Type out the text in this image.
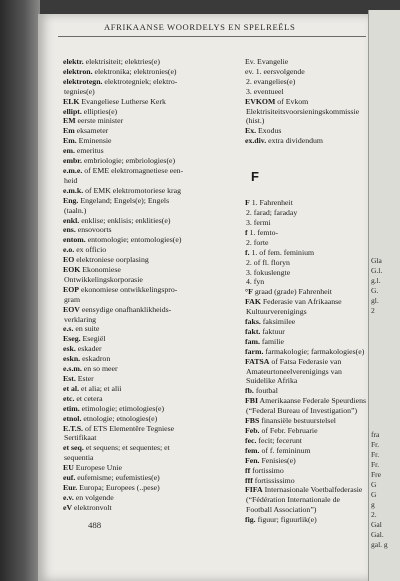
AFRIKAANSE WOORDELYS EN SPELREËLS
elektr. elektrisiteit; elektries(e)
elektron. elektronika; elektronies(e)
elektrotegn. elektrotegniek; elektro-
tegnies(e)
ELK Evangeliese Lutherse Kerk
ellipt. ellipties(e)
EM eerste minister
Em eksameter
Em. Eminensie
em. emeritus
embr. embriologie; embriologies(e)
e.m.e. of EME elektromagnetiese een-
heid
e.m.k. of EMK elektromotoriese krag
Eng. Engeland; Engels(e); Engels
(taaln.)
enkl. enklise; enklisis; enklities(e)
ens. ensovoorts
entom. entomologie; entomologies(e)
e.o. ex officio
EO elektroniese oorplasing
EOK Ekonomiese
Ontwikkelingskorporasie
EOP ekonomiese ontwikkelingsprо-
gram
EOV eensydige onafhanklikheids-
verklaring
e.s. en suite
Eseg. Esegiël
esk. eskader
eskn. eskadron
e.s.m. en so meer
Est. Ester
et al. et alia; et alii
etc. et cetera
etim. etimologie; etimologies(e)
etnol. etnologie; etnologies(e)
E.T.S. of ETS Elementêre Tegniese
Sertifikaat
et seq. et sequens; et sequentes; et
sequentia
EU Europese Unie
euf. eufemisme; eufemisties(e)
Eur. Europa; Europees (..pese)
e.v. en volgende
eV elektronvolt
Ev. Evangelie
ev. 1. eersvolgende
2. evangelies(e)
3. eventueel
EVKOM of Evkom
Elektrisiteitsvoorsieningskommissie
(hist.)
Ex. Exodus
ex.div. extra dividendum
F
F 1. Fahrenheit
2. farad; faraday
3. fermi
f 1. femto-
2. forte
f. 1. of fem. feminium
2. of fl. floryn
3. fokuslengte
4. fyn
°F graad (grade) Fahrenheit
FAK Federasie van Afrikaanse
Kultuurverenigings
faks. faksimilee
fakt. faktuur
fam. familie
farm. farmakologie; farmakologies(e)
FATSA of Fatsa Federasie van
Amateurtoneelverenigings van
Suidelike Afrika
fb. foutbal
FBI Amerikaanse Federale Speurdiens
(“Federal Bureau of Investigation”)
FBS finansiële bestuurstelsel
Feb. of Febr. Februarie
fec. fecit; fecerunt
fem. of f. femininum
Fen. Fenisies(e)
ff fortissimo
fff fortississimo
FIFA Internasionale Voetbalfederasie
(“Fédération Internationale de
Football Association”)
fig. figuur; figuurlik(e)
488
Gla
G.l.
g.l.
G.
gl.
2
fra
Fr.
Fr.
Fr.
Fre
G
G
g
2.
Gal
Gal.
gal. g
